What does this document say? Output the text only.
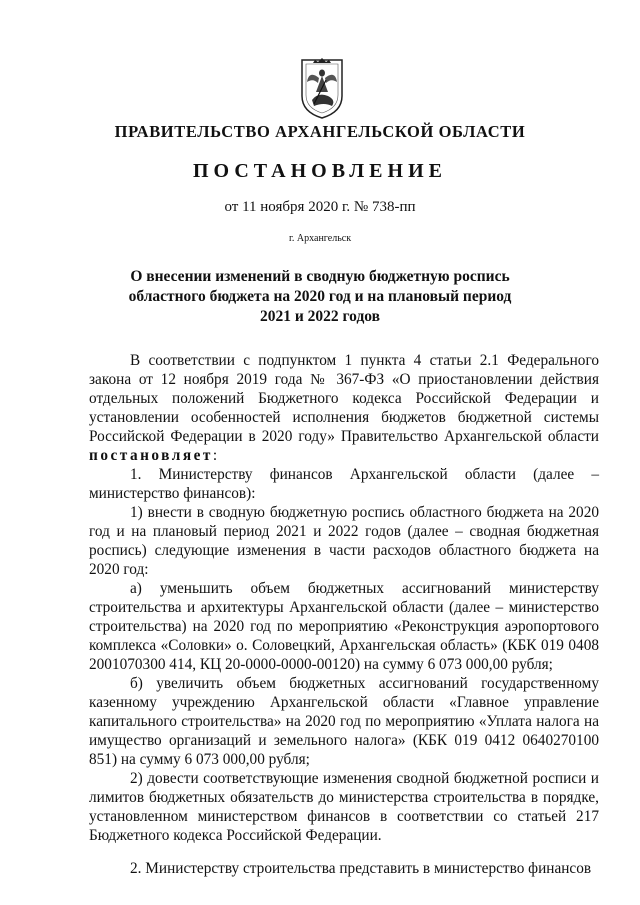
ПРАВИТЕЛЬСТВО АРХАНГЕЛЬСКОЙ ОБЛАСТИ
ПОСТАНОВЛЕНИЕ
от 11 ноября 2020 г. № 738-пп
г. Архангельск
О внесении изменений в сводную бюджетную роспись областного бюджета на 2020 год и на плановый период 2021 и 2022 годов

В соответствии с подпунктом 1 пункта 4 статьи 2.1 Федерального закона от 12 ноября 2019 года № 367-ФЗ «О приостановлении действия отдельных положений Бюджетного кодекса Российской Федерации и установлении особенностей исполнения бюджетов бюджетной системы Российской Федерации в 2020 году» Правительство Архангельской области постановляет:

1. Министерству финансов Архангельской области (далее – министерство финансов):

1) внести в сводную бюджетную роспись областного бюджета на 2020 год и на плановый период 2021 и 2022 годов (далее – сводная бюджетная роспись) следующие изменения в части расходов областного бюджета на 2020 год:

а) уменьшить объем бюджетных ассигнований министерству строительства и архитектуры Архангельской области (далее – министерство строительства) на 2020 год по мероприятию «Реконструкция аэропортового комплекса «Соловки» о. Соловецкий, Архангельская область» (КБК 019 0408 2001070300 414, КЦ 20-0000-0000-00120) на сумму 6 073 000,00 рубля;

б) увеличить объем бюджетных ассигнований государственному казенному учреждению Архангельской области «Главное управление капитального строительства» на 2020 год по мероприятию «Уплата налога на имущество организаций и земельного налога» (КБК 019 0412 0640270100 851) на сумму 6 073 000,00 рубля;

2) довести соответствующие изменения сводной бюджетной росписи и лимитов бюджетных обязательств до министерства строительства в порядке, установленном министерством финансов в соответствии со статьей 217 Бюджетного кодекса Российской Федерации.

2. Министерству строительства представить в министерство финансов
